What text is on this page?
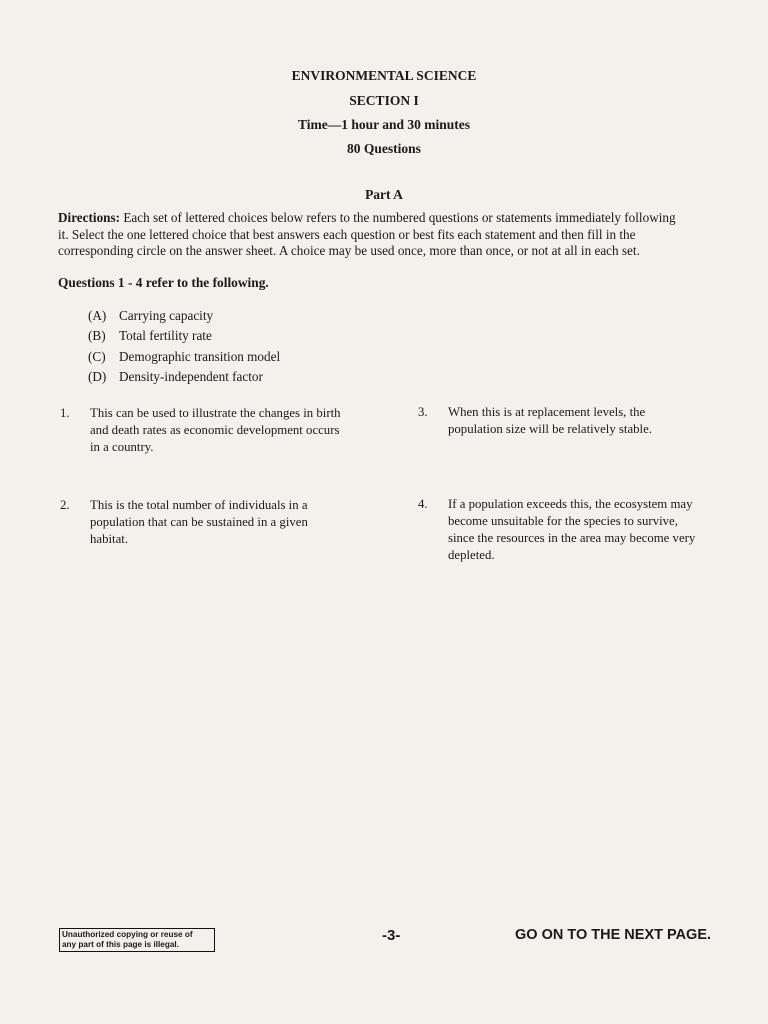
ENVIRONMENTAL SCIENCE
SECTION I
Time—1 hour and 30 minutes
80 Questions
Part A
Directions: Each set of lettered choices below refers to the numbered questions or statements immediately following
it. Select the one lettered choice that best answers each question or best fits each statement and then fill in the
corresponding circle on the answer sheet. A choice may be used once, more than once, or not at all in each set.
Questions 1 - 4 refer to the following.
(A) Carrying capacity
(B) Total fertility rate
(C) Demographic transition model
(D) Density-independent factor
1. This can be used to illustrate the changes in birth
and death rates as economic development occurs
in a country.
2. This is the total number of individuals in a
population that can be sustained in a given
habitat.
3. When this is at replacement levels, the
population size will be relatively stable.
4. If a population exceeds this, the ecosystem may
become unsuitable for the species to survive,
since the resources in the area may become very
depleted.
Unauthorized copying or reuse of
any part of this page is illegal.
-3-	GO ON TO THE NEXT PAGE.
